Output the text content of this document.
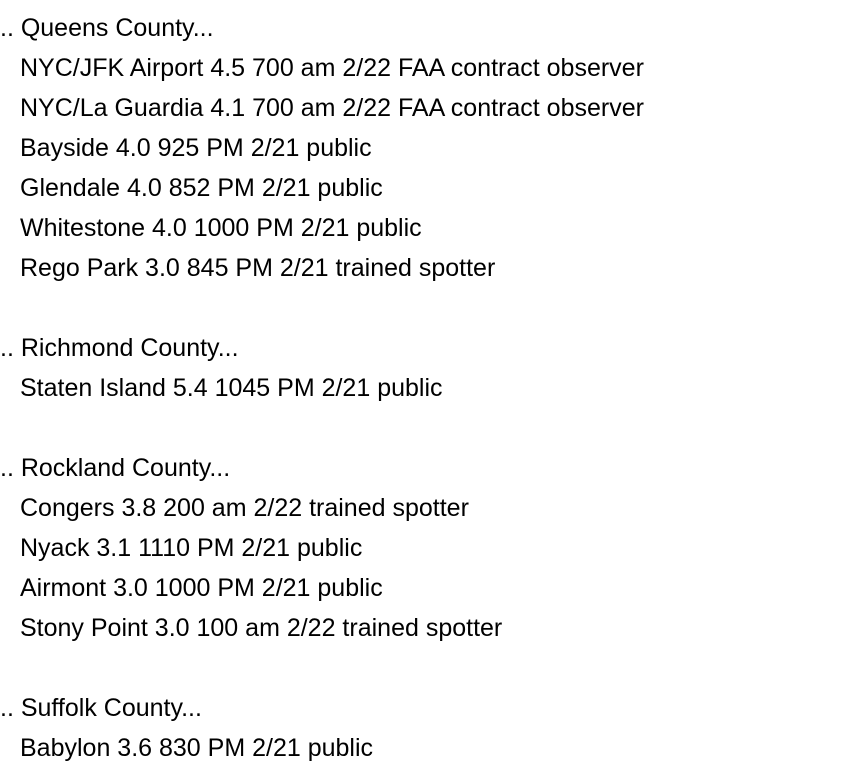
.. Queens County...
NYC/JFK Airport 4.5 700 am 2/22 FAA contract observer
NYC/La Guardia 4.1 700 am 2/22 FAA contract observer
Bayside 4.0 925 PM 2/21 public
Glendale 4.0 852 PM 2/21 public
Whitestone 4.0 1000 PM 2/21 public
Rego Park 3.0 845 PM 2/21 trained spotter
.. Richmond County...
Staten Island 5.4 1045 PM 2/21 public
.. Rockland County...
Congers 3.8 200 am 2/22 trained spotter
Nyack 3.1 1110 PM 2/21 public
Airmont 3.0 1000 PM 2/21 public
Stony Point 3.0 100 am 2/22 trained spotter
.. Suffolk County...
Babylon 3.6 830 PM 2/21 public
